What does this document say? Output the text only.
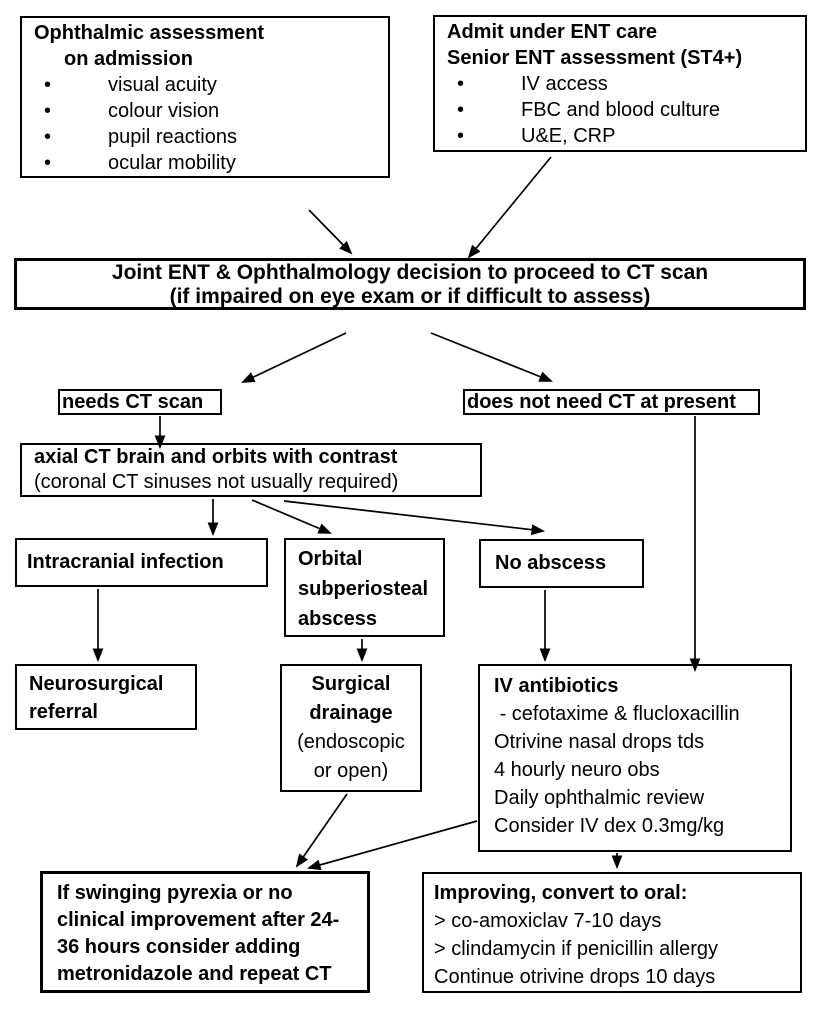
Ophthalmic assessment
on admission
•	visual acuity
•	colour vision
•	pupil reactions
•	ocular mobility
Admit under ENT care
Senior ENT assessment (ST4+)
•	IV access
•	FBC and blood culture
•	U&E, CRP
Joint ENT & Ophthalmology decision to proceed to CT scan
(if impaired on eye exam or if difficult to assess)
needs CT scan	does not need CT at present
axial CT brain and orbits with contrast
(coronal CT sinuses not usually required)
Intracranial infection	Orbital subperiosteal abscess
No abscess
Neurosurgical referral
Surgical drainage
(endoscopic or open)
IV antibiotics
- cefotaxime & flucloxacillin
Otrivine nasal drops tds
4 hourly neuro obs
Daily ophthalmic review
Consider IV dex 0.3mg/kg
If swinging pyrexia or no clinical improvement after 24-36 hours consider adding metronidazole and repeat CT
Improving, convert to oral:
> co-amoxiclav 7-10 days
> clindamycin if penicillin allergy
Continue otrivine drops 10 days
